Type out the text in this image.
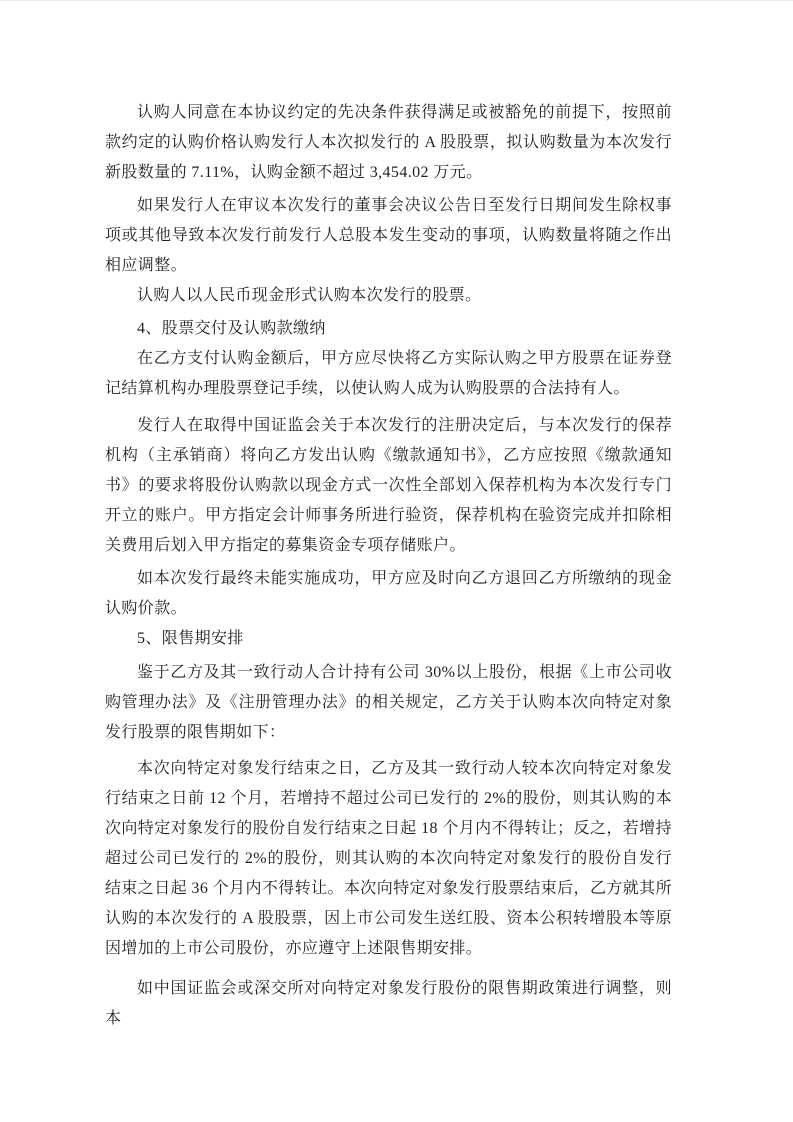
认购人同意在本协议约定的先决条件获得满足或被豁免的前提下，按照前款约定的认购价格认购发行人本次拟发行的 A 股股票，拟认购数量为本次发行新股数量的 7.11%，认购金额不超过 3,454.02 万元。

如果发行人在审议本次发行的董事会决议公告日至发行日期间发生除权事项或其他导致本次发行前发行人总股本发生变动的事项，认购数量将随之作出相应调整。

认购人以人民币现金形式认购本次发行的股票。

4、股票交付及认购款缴纳

在乙方支付认购金额后，甲方应尽快将乙方实际认购之甲方股票在证券登记结算机构办理股票登记手续，以使认购人成为认购股票的合法持有人。

发行人在取得中国证监会关于本次发行的注册决定后，与本次发行的保荐机构（主承销商）将向乙方发出认购《缴款通知书》，乙方应按照《缴款通知书》的要求将股份认购款以现金方式一次性全部划入保荐机构为本次发行专门开立的账户。甲方指定会计师事务所进行验资，保荐机构在验资完成并扣除相关费用后划入甲方指定的募集资金专项存储账户。

如本次发行最终未能实施成功，甲方应及时向乙方退回乙方所缴纳的现金认购价款。

5、限售期安排

鉴于乙方及其一致行动人合计持有公司 30%以上股份，根据《上市公司收购管理办法》及《注册管理办法》的相关规定，乙方关于认购本次向特定对象发行股票的限售期如下：

本次向特定对象发行结束之日，乙方及其一致行动人较本次向特定对象发行结束之日前 12 个月，若增持不超过公司已发行的 2%的股份，则其认购的本次向特定对象发行的股份自发行结束之日起 18 个月内不得转让；反之，若增持超过公司已发行的 2%的股份，则其认购的本次向特定对象发行的股份自发行结束之日起 36 个月内不得转让。本次向特定对象发行股票结束后，乙方就其所认购的本次发行的 A 股股票，因上市公司发生送红股、资本公积转增股本等原因增加的上市公司股份，亦应遵守上述限售期安排。

如中国证监会或深交所对向特定对象发行股份的限售期政策进行调整，则本
